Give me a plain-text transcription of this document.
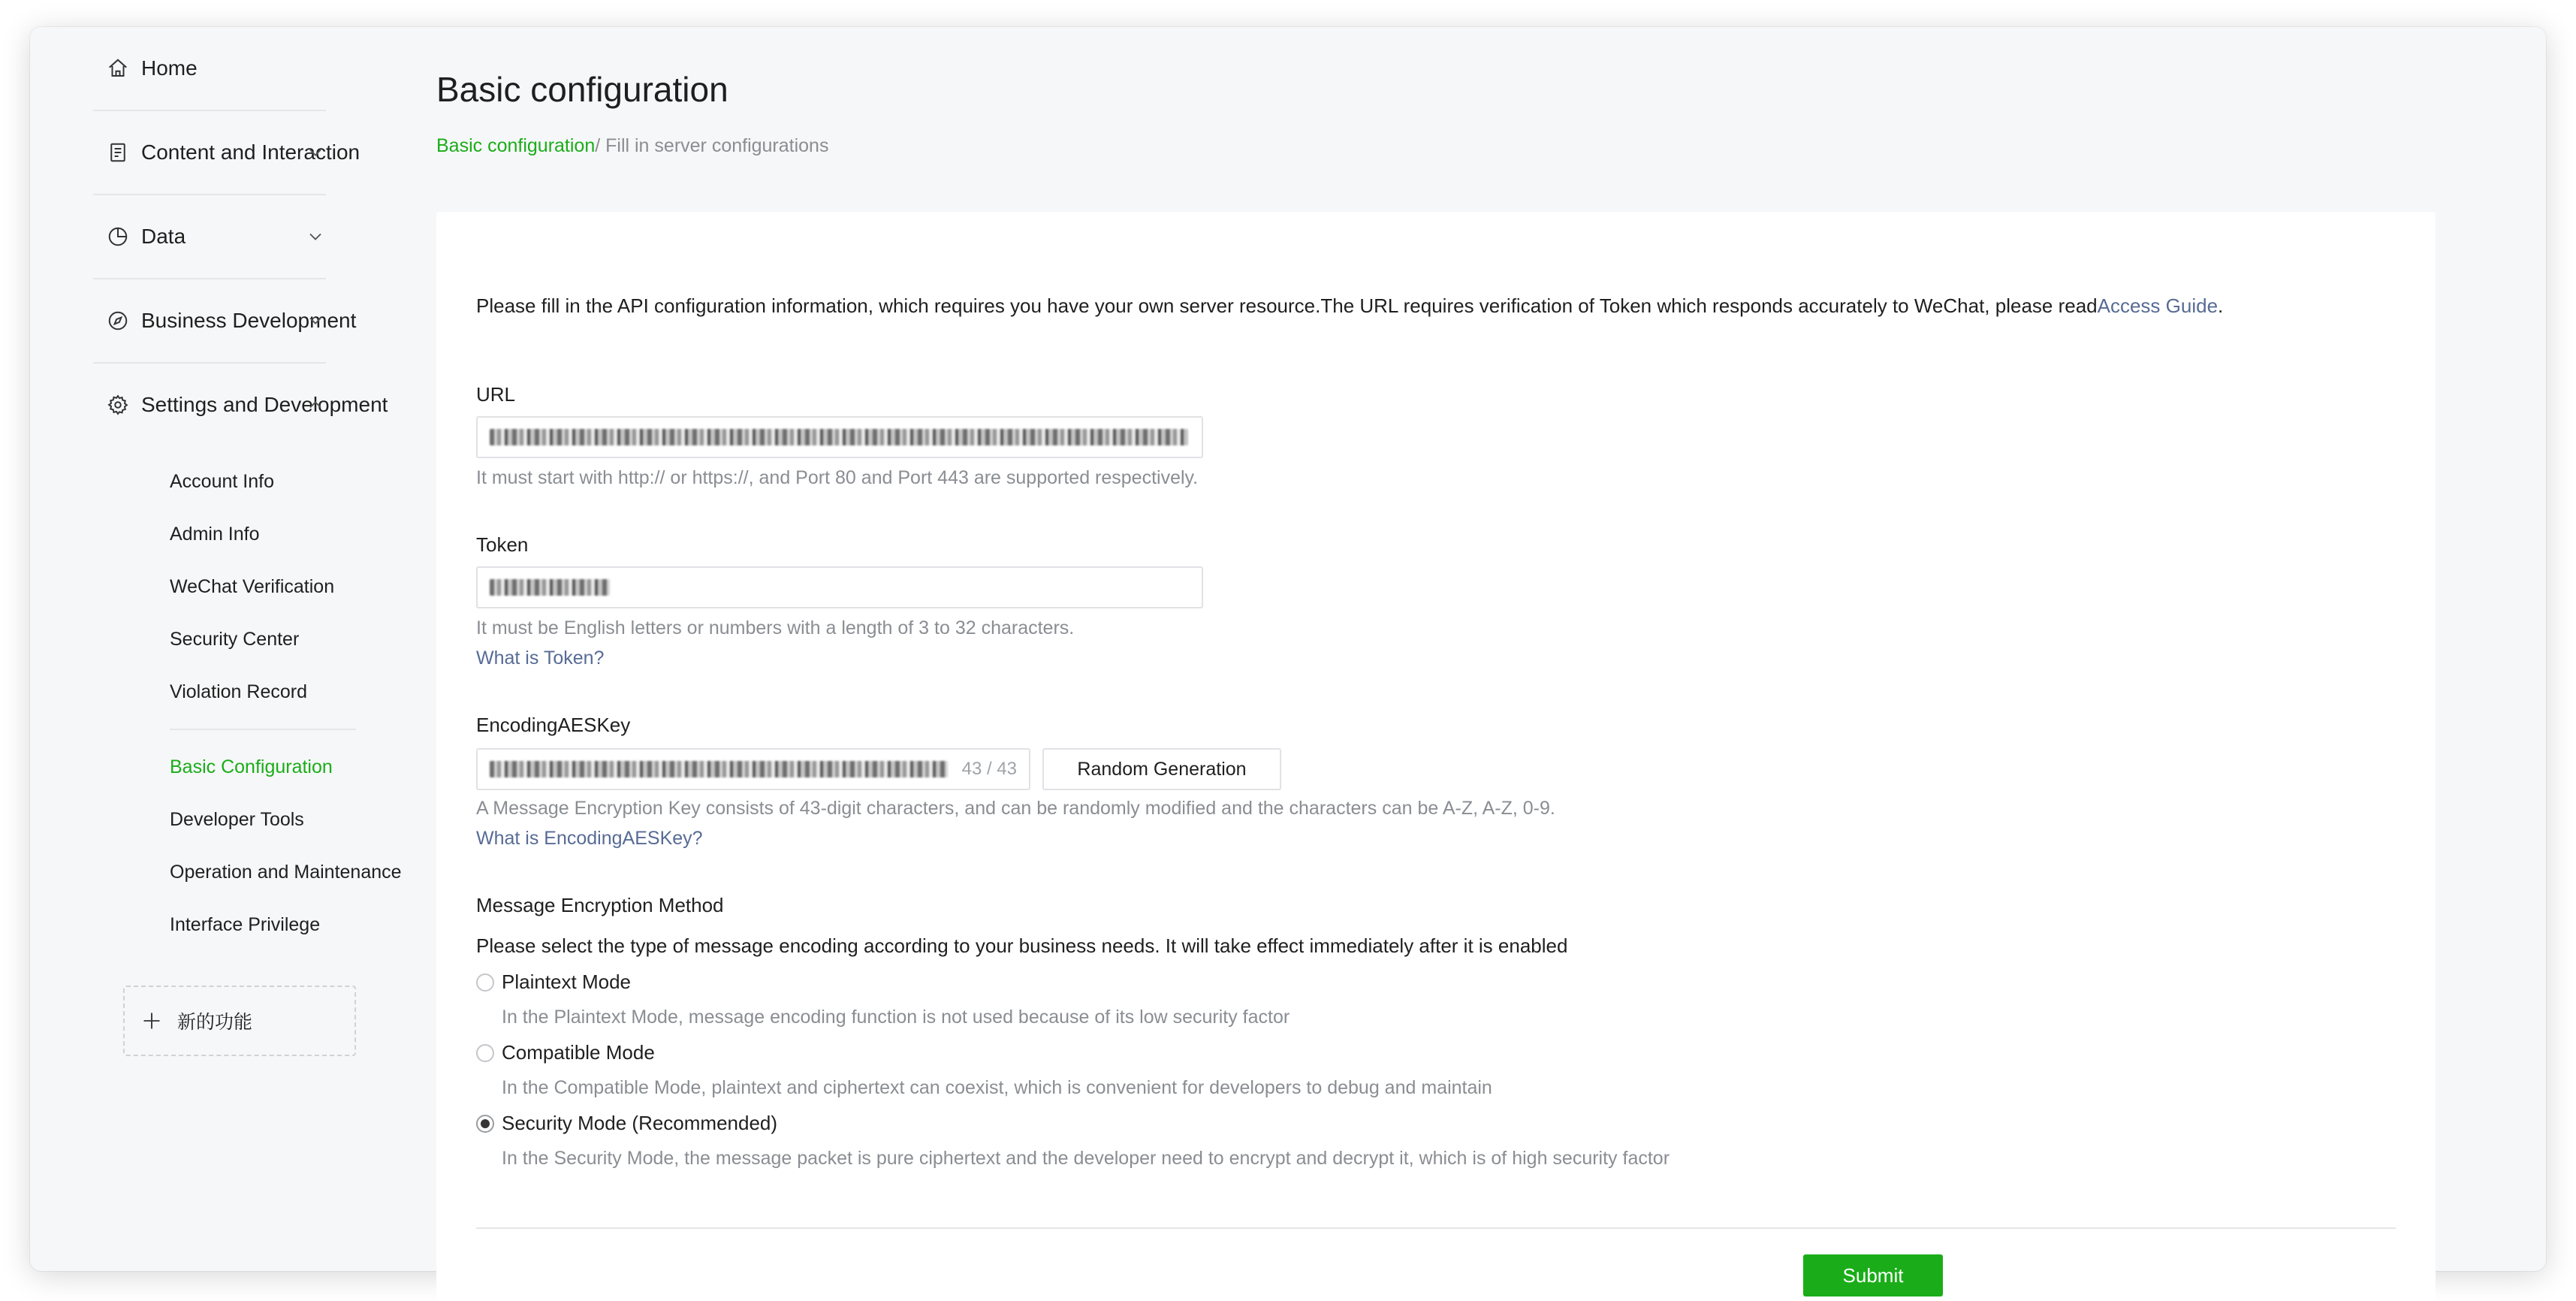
Home
Content and Interaction
Data
Business Development
Settings and Development
Account Info
Admin Info
WeChat Verification
Security Center
Violation Record
Basic Configuration
Developer Tools
Operation and Maintenance
Interface Privilege
新的功能
Basic configuration
Basic configuration/ Fill in server configurations

Please fill in the API configuration information, which requires you have your own server resource.The URL requires verification of Token which responds accurately to WeChat, please readAccess Guide.

URL
It must start with http:// or https://, and Port 80 and Port 443 are supported respectively.
Token
It must be English letters or numbers with a length of 3 to 32 characters.
What is Token?
EncodingAESKey
43 / 43	Random Generation
A Message Encryption Key consists of 43-digit characters, and can be randomly modified and the characters can be A-Z, A-Z, 0-9.
What is EncodingAESKey?
Message Encryption Method
Please select the type of message encoding according to your business needs. It will take effect immediately after it is enabled
Plaintext Mode
In the Plaintext Mode, message encoding function is not used because of its low security factor
Compatible Mode
In the Compatible Mode, plaintext and ciphertext can coexist, which is convenient for developers to debug and maintain
Security Mode (Recommended)
In the Security Mode, the message packet is pure ciphertext and the developer need to encrypt and decrypt it, which is of high security factor
Submit
